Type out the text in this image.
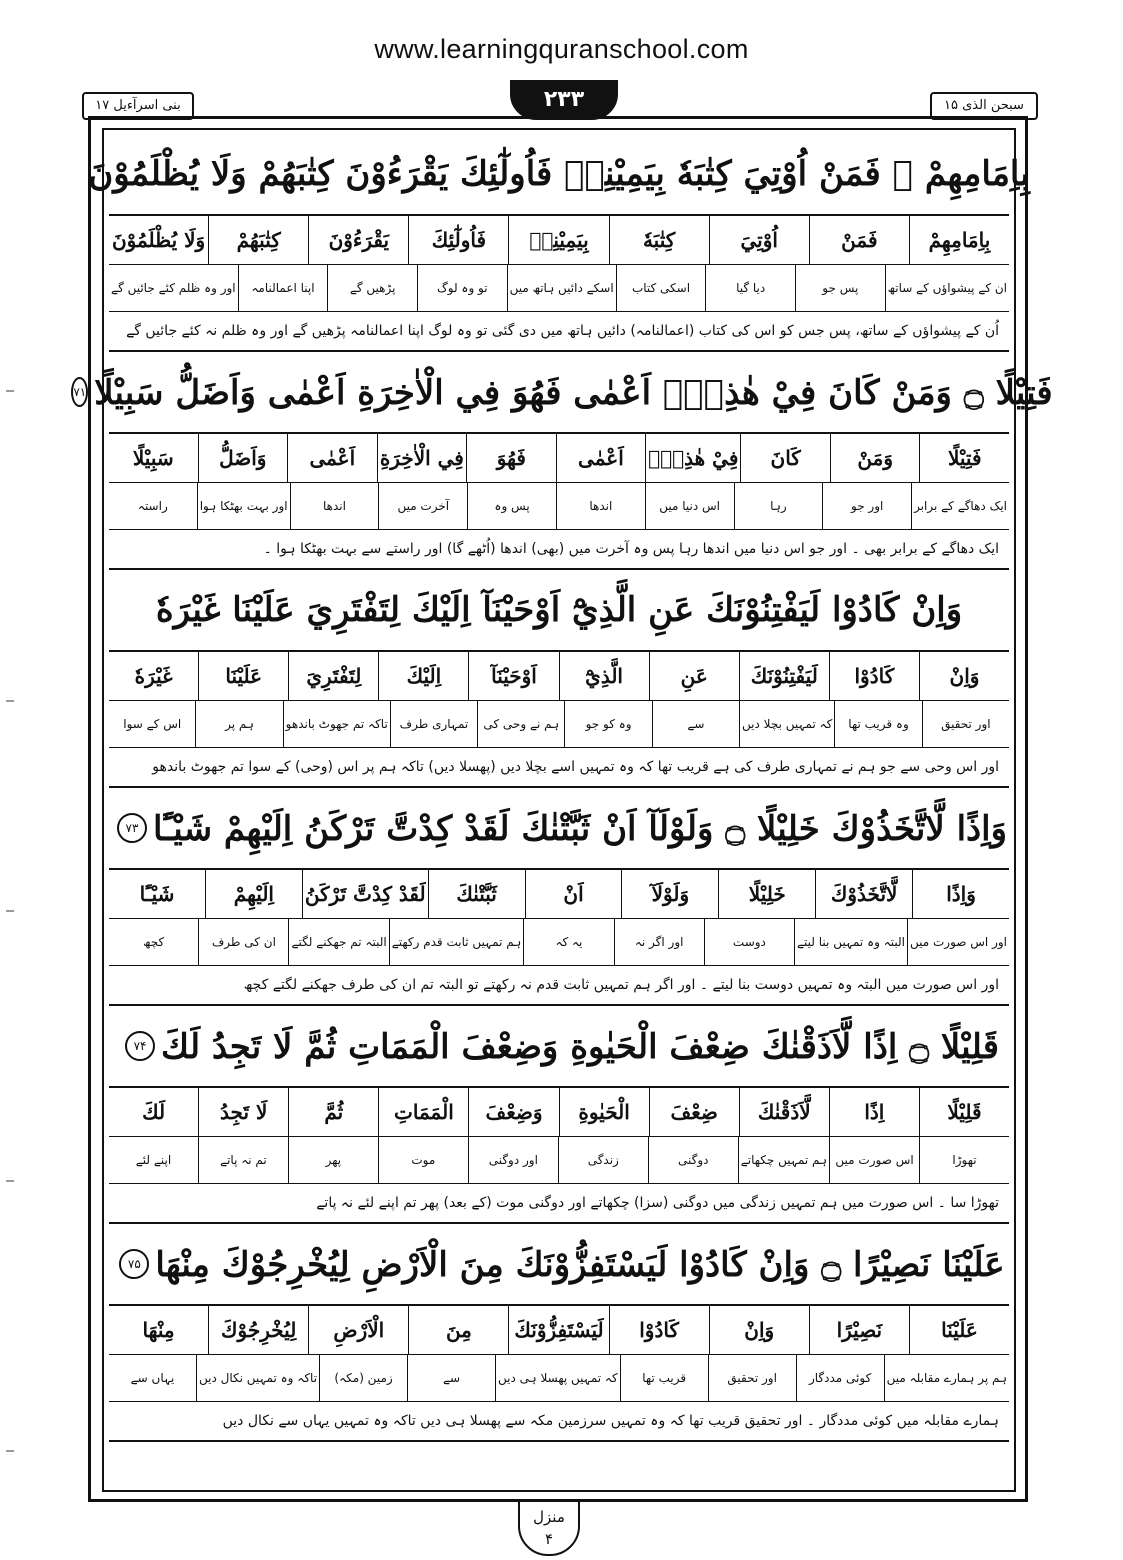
www.learningquranschool.com
بنی اسرآءیل ۱۷	۲۳۳	سبحن الذی ۱۵
بِاِمَامِهِمْ ۚ فَمَنْ اُوْتِيَ كِتٰبَهٗ بِيَمِيْنِهٖ فَاُولٰٓئِكَ يَقْرَءُوْنَ كِتٰبَهُمْ وَلَا يُظْلَمُوْنَ
بِاِمَامِهِمْ
فَمَنْ
اُوْتِيَ
كِتٰبَهٗ
بِيَمِيْنِهٖ
فَاُولٰٓئِكَ
يَقْرَءُوْنَ
كِتٰبَهُمْ
وَلَا يُظْلَمُوْنَ
ان کے پیشواؤں کے ساتھ
پس جو
دیا گیا
اسکی کتاب
اسکے دائیں ہاتھ میں
تو وہ لوگ
پڑھیں گے
اپنا اعمالنامہ
اور وہ ظلم کئے جائیں گے
اُن کے پیشواؤں کے ساتھ، پس جس کو اس کی کتاب (اعمالنامہ) دائیں ہاتھ میں دی گئی تو وہ لوگ اپنا اعمالنامہ پڑھیں گے اور وہ ظلم نہ کئے جائیں گے
فَتِيْلًا ۝ وَمَنْ كَانَ فِيْ هٰذِهٖٓ اَعْمٰى فَهُوَ فِي الْاٰخِرَةِ اَعْمٰى وَاَضَلُّ سَبِيْلًا
۷۱
فَتِيْلًا
وَمَنْ
كَانَ
فِيْ هٰذِهٖٓ
اَعْمٰى
فَهُوَ
فِي الْاٰخِرَةِ
اَعْمٰى
وَاَضَلُّ
سَبِيْلًا
ایک دھاگے کے برابر
اور جو
رہا
اس دنیا میں
اندھا
پس وہ
آخرت میں
اندھا
اور بہت بھٹکا ہوا
راستہ
ایک دھاگے کے برابر بھی ۔ اور جو اس دنیا میں اندھا رہا پس وہ آخرت میں (بھی) اندھا (اُٹھے گا) اور راستے سے بہت بھٹکا ہوا ۔
وَاِنْ كَادُوْا لَيَفْتِنُوْنَكَ عَنِ الَّذِيْٓ اَوْحَيْنَآ اِلَيْكَ لِتَفْتَرِيَ عَلَيْنَا غَيْرَهٗ
وَاِنْ
كَادُوْا
لَيَفْتِنُوْنَكَ
عَنِ
الَّذِيْٓ
اَوْحَيْنَآ
اِلَيْكَ
لِتَفْتَرِيَ
عَلَيْنَا
غَيْرَهٗ
اور تحقیق
وہ قریب تھا
کہ تمہیں بچلا دیں
سے
وہ کو جو
ہم نے وحی کی
تمہاری طرف
تاکہ تم جھوٹ باندھو
ہم پر
اس کے سوا
اور اس وحی سے جو ہم نے تمہاری طرف کی ہے قریب تھا کہ وہ تمہیں اسے بچلا دیں (پھسلا دیں) تاکہ ہم پر اس (وحی) کے سوا تم جھوٹ باندھو
وَاِذًا لَّاتَّخَذُوْكَ خَلِيْلًا ۝ وَلَوْلَآ اَنْ ثَبَّتْنٰكَ لَقَدْ كِدْتَّ تَرْكَنُ اِلَيْهِمْ شَيْـًٔا
۷۳
وَاِذًا
لَّاتَّخَذُوْكَ
خَلِيْلًا
وَلَوْلَآ
اَنْ
ثَبَّتْنٰكَ
لَقَدْ كِدْتَّ تَرْكَنُ
اِلَيْهِمْ
شَيْـًٔا
اور اس صورت میں
البتہ وہ تمہیں بنا لیتے
دوست
اور اگر نہ
یہ کہ
ہم تمہیں ثابت قدم رکھتے
البتہ تم جھکنے لگتے
ان کی طرف
کچھ
اور اس صورت میں البتہ وہ تمہیں دوست بنا لیتے ۔ اور اگر ہم تمہیں ثابت قدم نہ رکھتے تو البتہ تم ان کی طرف جھکنے لگتے کچھ
قَلِيْلًا ۝ اِذًا لَّاَذَقْنٰكَ ضِعْفَ الْحَيٰوةِ وَضِعْفَ الْمَمَاتِ ثُمَّ لَا تَجِدُ لَكَ
۷۴
قَلِيْلًا
اِذًا
لَّاَذَقْنٰكَ
ضِعْفَ
الْحَيٰوةِ
وَضِعْفَ
الْمَمَاتِ
ثُمَّ
لَا تَجِدُ
لَكَ
تھوڑا
اس صورت میں
ہم تمہیں چکھاتے
دوگنی
زندگی
اور دوگنی
موت
پھر
تم نہ پاتے
اپنے لئے
تھوڑا سا ۔ اس صورت میں ہم تمہیں زندگی میں دوگنی (سزا) چکھاتے اور دوگنی موت (کے بعد) پھر تم اپنے لئے نہ پاتے
عَلَيْنَا نَصِيْرًا ۝ وَاِنْ كَادُوْا لَيَسْتَفِزُّوْنَكَ مِنَ الْاَرْضِ لِيُخْرِجُوْكَ مِنْهَا
۷۵
عَلَيْنَا
نَصِيْرًا
وَاِنْ
كَادُوْا
لَيَسْتَفِزُّوْنَكَ
مِنَ
الْاَرْضِ
لِيُخْرِجُوْكَ
مِنْهَا
ہم پر ہمارے مقابلہ میں
کوئی مددگار
اور تحقیق
قریب تھا
کہ تمہیں پھسلا ہی دیں
سے
زمین (مکہ)
تاکہ وہ تمہیں نکال دیں
یہاں سے
ہمارے مقابلہ میں کوئی مددگار ۔ اور تحقیق قریب تھا کہ وہ تمہیں سرزمین مکہ سے پھسلا ہی دیں تاکہ وہ تمہیں یہاں سے نکال دیں
منزل
۴
